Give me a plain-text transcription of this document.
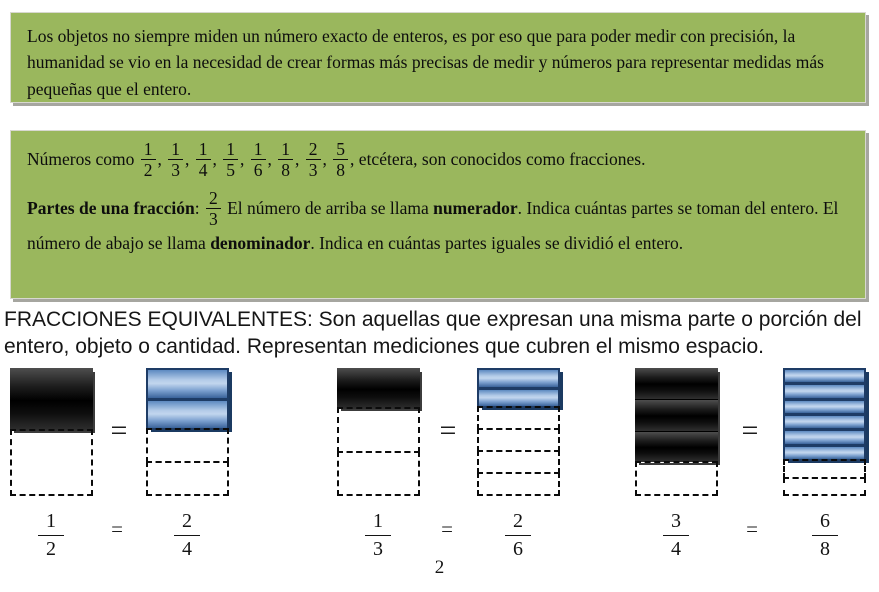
Los objetos no siempre miden un número exacto de enteros, es por eso que para poder medir con precisión, la humanidad se vio en la necesidad de crear formas más precisas de medir y números para representar medidas más pequeñas que el entero.
Números como $\frac{1}{2}$ , $\frac{1}{3}$ , $\frac{1}{4}$ , $\frac{1}{5}$ , $\frac{1}{6}$ , $\frac{1}{8}$ , $\frac{2}{3}$ , $\frac{5}{8}$ , etcétera, son conocidos como fracciones.
Partes de una fracción: $\frac{2}{3}$ El número de arriba se llama numerador. Indica cuántas partes se toman del entero. El número de abajo se llama denominador. Indica en cuántas partes iguales se dividió el entero.
FRACCIONES EQUIVALENTES: Son aquellas que expresan una misma parte o porción del entero, objeto o cantidad. Representan mediciones que cubren el mismo espacio.
=	=	=
$\frac{1}{2}$	=	$\frac{2}{4}$	$\frac{1}{3}$	=	$\frac{2}{6}$	$\frac{3}{4}$	=	$\frac{6}{8}$
2
